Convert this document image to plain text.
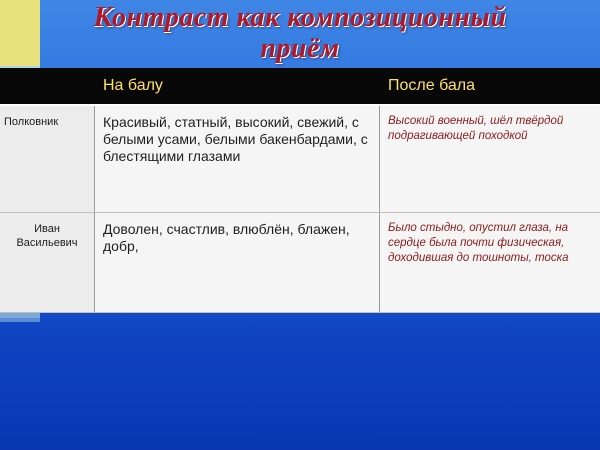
Контраст как композиционный
приём
На балу	После бала
Полковник	Красивый, статный, высокий, свежий, с белыми усами, белыми бакенбардами, с блестящими глазами
Высокий военный, шёл твёрдой подрагивающей походкой
Иван Васильевич
Доволен, счастлив, влюблён, блажен, добр,
Было стыдно, опустил глаза, на сердце была почти физическая, доходившая до тошноты, тоска
